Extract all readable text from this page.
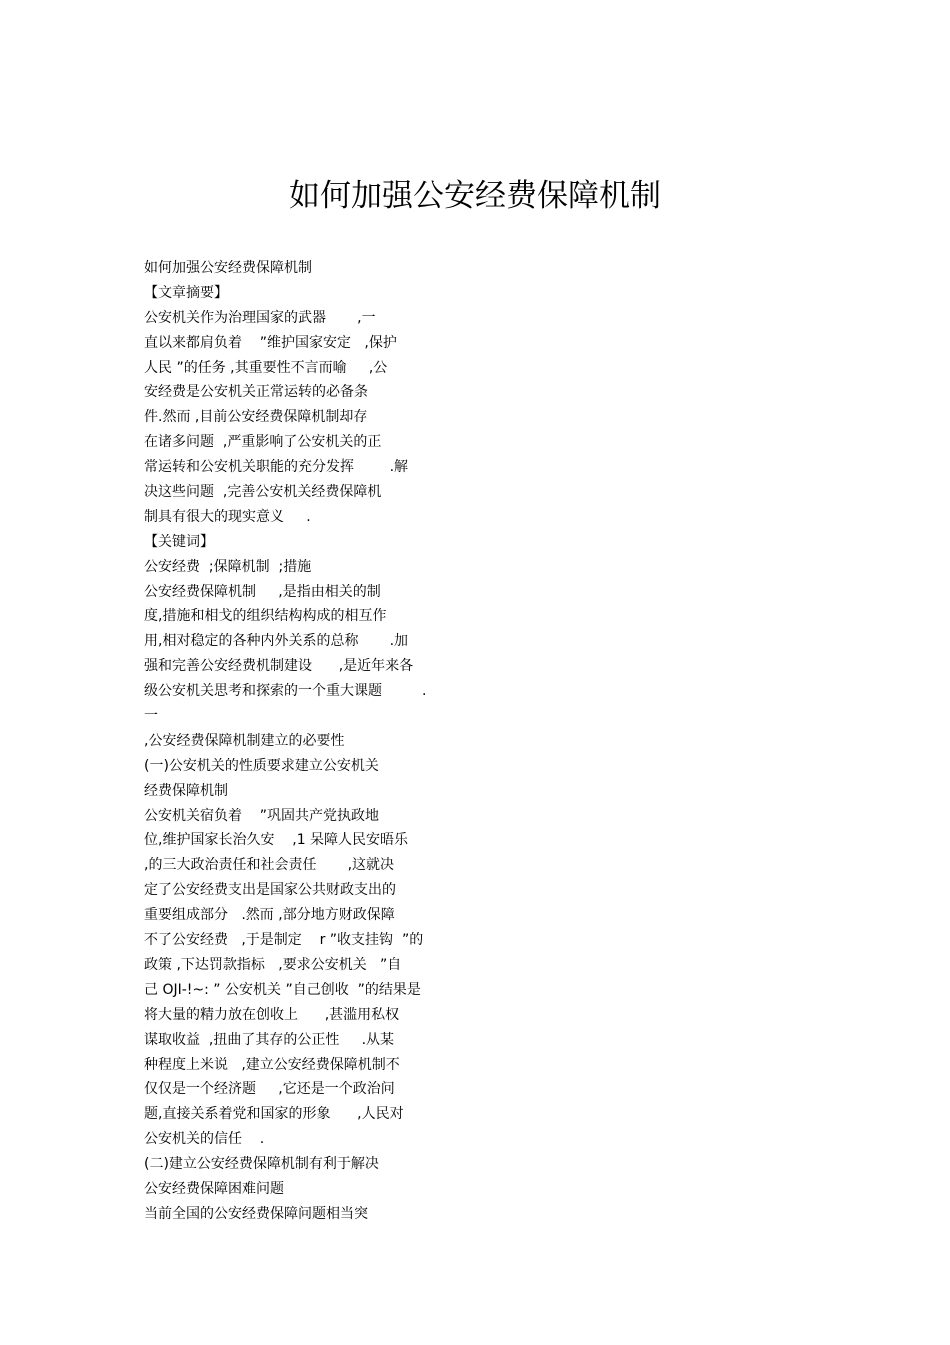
如何加强公安经费保障机制
如何加强公安经费保障机制
【文章摘要】
公安机关作为治理国家的武器       ,一
直以来都肩负着    ”维护国家安定   ,保护
人民 ”的任务 ,其重要性不言而喻     ,公
安经费是公安机关正常运转的必备条
件.然而 ,目前公安经费保障机制却存
在诸多问题  ,严重影响了公安机关的正
常运转和公安机关职能的充分发挥        .解
决这些问题  ,完善公安机关经费保障机
制具有很大的现实意义     .
【关键词】
公安经费  ;保障机制  ;措施
公安经费保障机制     ,是指由相关的制
度,措施和相戈的组织结构构成的相互作
用,相对稳定的各种内外关系的总称       .加
强和完善公安经费机制建设      ,是近年来各
级公安机关思考和探索的一个重大课题         .
一
,公安经费保障机制建立的必要性
(一)公安机关的性质要求建立公安机关
经费保障机制
公安机关宿负着    ”巩固共产党执政地
位,维护国家长治久安    ,1 呆障人民安晤乐
,的三大政治责任和社会责任       ,这就决
定了公安经费支出是国家公共财政支出的
重要组成部分   .然而 ,部分地方财政保障
不了公安经费   ,于是制定    r ”收支挂钩  ”的
政策 ,下达罚款指标   ,要求公安机关   ”自
己 OJI-!~: ” 公安机关 ”自己创收  ”的结果是
将大量的精力放在创收上      ,甚滥用私权
谋取收益  ,扭曲了其存的公正性     .从某
种程度上米说   ,建立公安经费保障机制不
仅仅是一个经济题     ,它还是一个政治问
题,直接关系着党和国家的形象      ,人民对
公安机关的信任    .
(二)建立公安经费保障机制有利于解决
公安经费保障困难问题
当前全国的公安经费保障问题相当突
